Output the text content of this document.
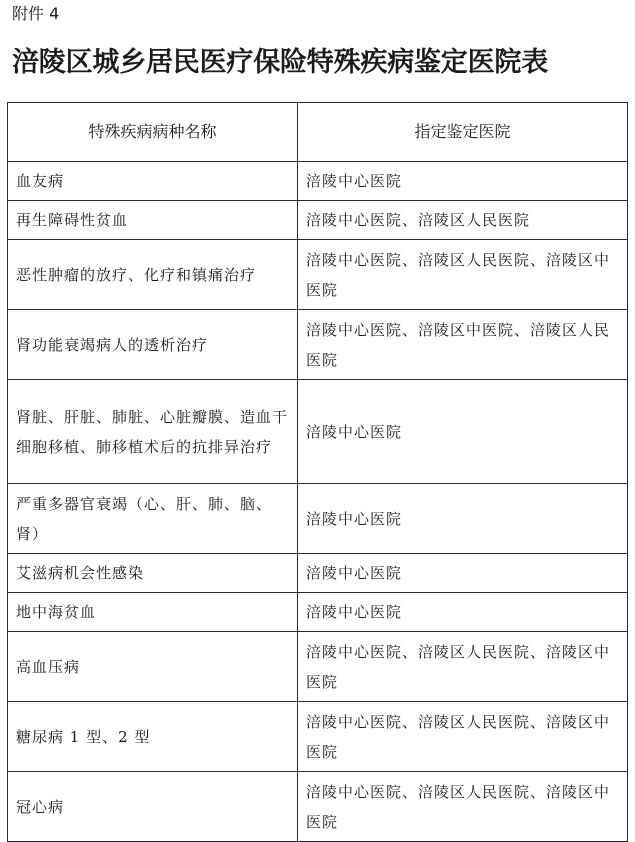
附件 4
涪陵区城乡居民医疗保险特殊疾病鉴定医院表
特殊疾病病种名称	指定鉴定医院
血友病	涪陵中心医院
再生障碍性贫血	涪陵中心医院、涪陵区人民医院
恶性肿瘤的放疗、化疗和镇痛治疗	涪陵中心医院、涪陵区人民医院、涪陵区中医院
肾功能衰竭病人的透析治疗	涪陵中心医院、涪陵区中医院、涪陵区人民医院
肾脏、肝脏、肺脏、心脏瓣膜、造血干细胞移植、肺移植术后的抗排异治疗	涪陵中心医院
严重多器官衰竭（心、肝、肺、脑、肾）	涪陵中心医院
艾滋病机会性感染	涪陵中心医院
地中海贫血	涪陵中心医院
高血压病	涪陵中心医院、涪陵区人民医院、涪陵区中医院
糖尿病 1 型、2 型	涪陵中心医院、涪陵区人民医院、涪陵区中医院
冠心病	涪陵中心医院、涪陵区人民医院、涪陵区中医院
